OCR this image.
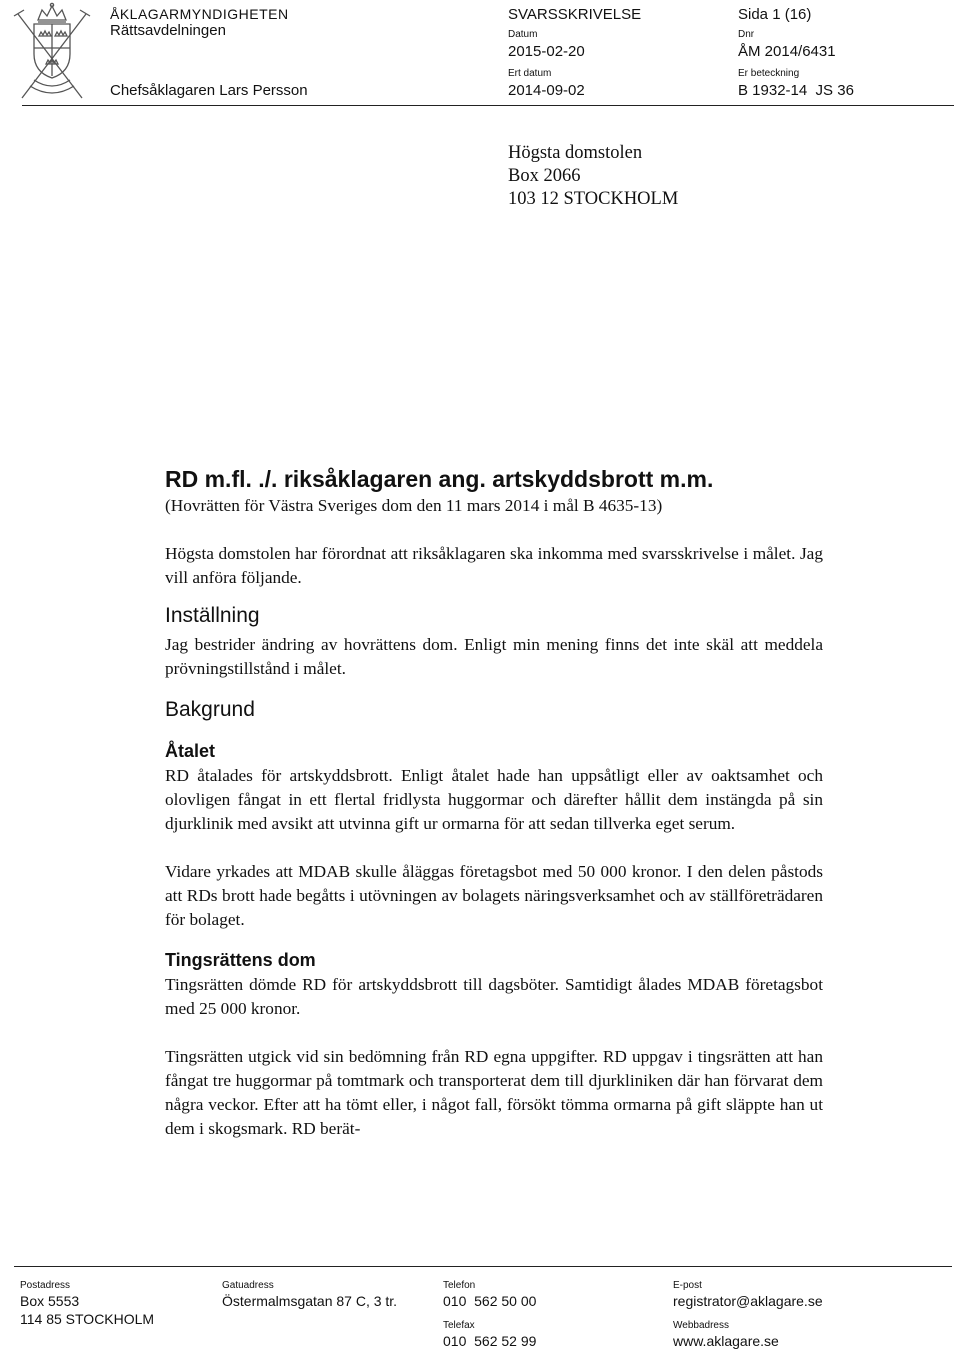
ÅKLAGARMYNDIGHETEN
Rättsavdelningen
Chefsåklagaren Lars Persson
SVARSSKRIVELSE	Sida 1 (16)
Datum
2015-02-20
Dnr
ÅM 2014/6431
Ert datum
2014-09-02
Er beteckning
B 1932-14  JS 36
Högsta domstolen
Box 2066
103 12 STOCKHOLM
RD m.fl. ./. riksåklagaren ang. artskyddsbrott m.m.

(Hovrätten för Västra Sveriges dom den 11 mars 2014 i mål B 4635-13)

Högsta domstolen har förordnat att riksåklagaren ska inkomma med svarsskrivelse i målet. Jag vill anföra följande.

Inställning

Jag bestrider ändring av hovrättens dom. Enligt min mening finns det inte skäl att meddela prövningstillstånd i målet.

Bakgrund
Åtalet

RD åtalades för artskyddsbrott. Enligt åtalet hade han uppsåtligt eller av oaktsamhet och olovligen fångat in ett flertal fridlysta huggormar och därefter hållit dem instängda på sin djurklinik med avsikt att utvinna gift ur ormarna för att sedan tillverka eget serum.

Vidare yrkades att MDAB skulle åläggas företagsbot med 50 000 kronor. I den delen påstods att RDs brott hade begåtts i utövningen av bolagets näringsverksamhet och av ställföreträdaren för bolaget.

Tingsrättens dom

Tingsrätten dömde RD för artskyddsbrott till dagsböter. Samtidigt ålades MDAB företagsbot med 25 000 kronor.

Tingsrätten utgick vid sin bedömning från RD egna uppgifter. RD uppgav i tingsrätten att han fångat tre huggormar på tomtmark och transporterat dem till djurkliniken där han förvarat dem några veckor. Efter att ha tömt eller, i något fall, försökt tömma ormarna på gift släppte han ut dem i skogsmark. RD berät-

Postadress
Box 5553
114 85 STOCKHOLM
Gatuadress
Östermalmsgatan 87 C, 3 tr.
Telefon
010  562 50 00
Telefax
010  562 52 99
E-post
registrator@aklagare.se
Webbadress
www.aklagare.se
